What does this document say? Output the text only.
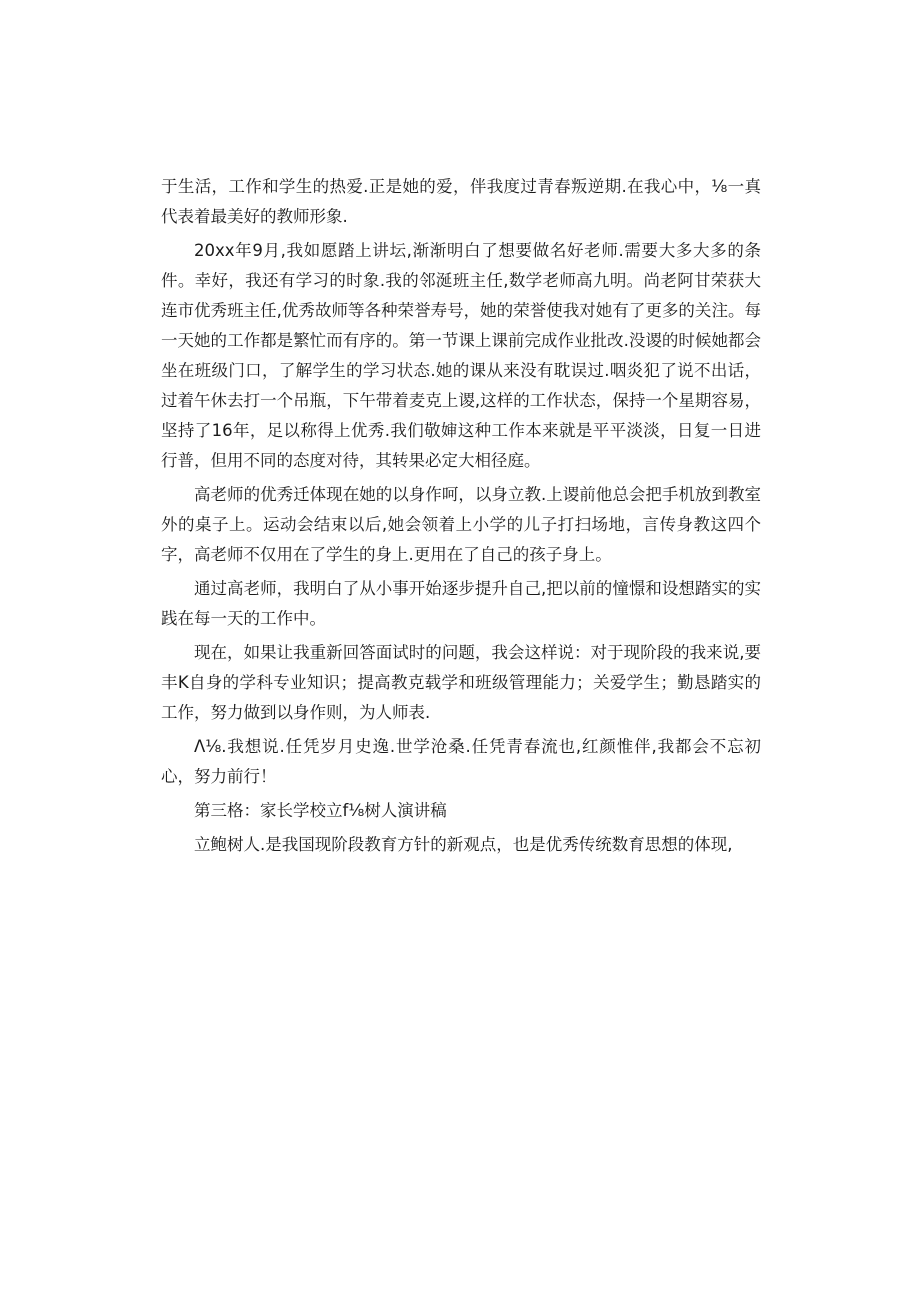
于生活，工作和学生的热爱.正是她的爱，伴我度过青春叛逆期.在我心中，⅛一真代表着最美好的教师形象.

20xx年9月,我如愿踏上讲坛,渐渐明白了想要做名好老师.需要大多大多的条件。幸好，我还有学习的时象.我的邻涎班主任,数学老师高九明。尚老阿甘荣获大连市优秀班主任,优秀故师等各种荣誉寿号，她的荣誉使我对她有了更多的关注。每一天她的工作都是繁忙而有序的。第一节课上课前完成作业批改.没谡的时候她都会坐在班级门口，了解学生的学习状态.她的课从来没有耽误过.咽炎犯了说不出话，过着午休去打一个吊瓶，下午带着麦克上谡,这样的工作状态，保持一个星期容易，坚持了16年，足以称得上优秀.我们敬婶这种工作本来就是平平淡淡，日复一日进行普，但用不同的态度对待，其转果必定大相径庭。

高老师的优秀迁体现在她的以身作呵，以身立教.上谡前他总会把手机放到教室外的桌子上。运动会结束以后,她会领着上小学的儿子打扫场地，言传身教这四个字，高老师不仅用在了学生的身上.更用在了自己的孩子身上。

通过高老师，我明白了从小事开始逐步提升自己,把以前的憧憬和设想踏实的实践在每一天的工作中。

现在，如果让我重新回答面试时的问题，我会这样说：对于现阶段的我来说,要丰K自身的学科专业知识；提高教克载学和班级管理能力；关爱学生；勤恳踏实的工作，努力做到以身作则，为人师表.

Λ⅛.我想说.任凭岁月史逸.世学沧桑.任凭青春流也,红颜惟伴,我都会不忘初心，努力前行！

第三格：家长学校立f⅛树人演讲稿

立鲍树人.是我国现阶段教育方针的新观点，也是优秀传统数育思想的体现,
